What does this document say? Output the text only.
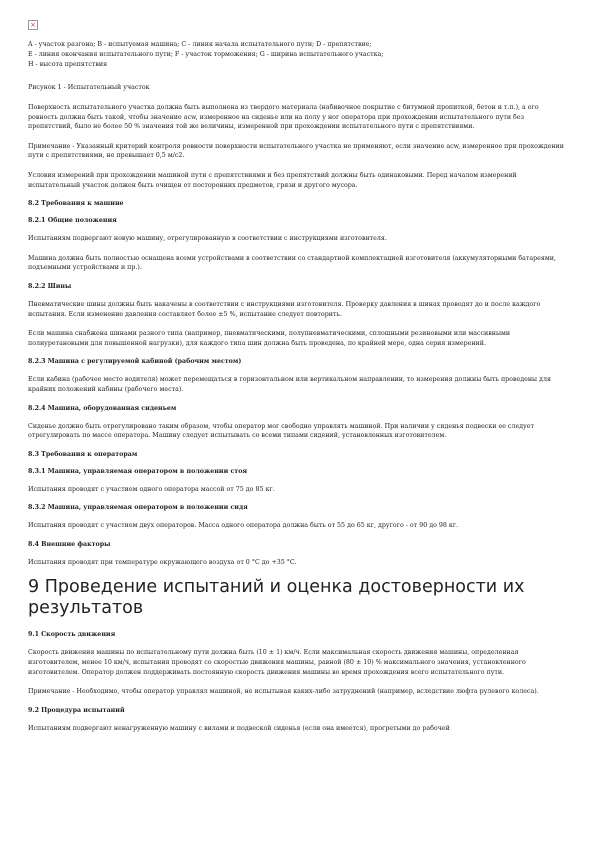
×
A - участок разгона; B - испытуемая машина; C - линия начала испытательного пути; D - препятствие;
E - линия окончания испытательного пути; F - участок торможения; G - ширина испытательного участка;
H - высота препятствия
Рисунок 1 - Испытательный участок

Поверхность испытательного участка должна быть выполнена из твердого материала (набивочное покрытие с битумной пропиткой, бетон и т.п.), а его ровность должна быть такой, чтобы значение aсw, измеренное на сиденье или на полу у ног оператора при прохождении испытательного пути без препятствий, было не более 50 % значения той же величины, измеренной при прохождении испытательного пути с препятствиями.

Примечание - Указанный критерий контроля ровности поверхности испытательного участка не применяют, если значение aсw, измеренное при прохождении пути с препятствиями, не превышает 0,5 м/с2.

Условия измерений при прохождении машиной пути с препятствиями и без препятствий должны быть одинаковыми. Перед началом измерений испытательный участок должен быть очищен от посторонних предметов, грязи и другого мусора.

8.2 Требования к машине
8.2.1 Общие положения

Испытаниям подвергают новую машину, отрегулированную в соответствии с инструкциями изготовителя.

Машина должна быть полностью оснащена всеми устройствами в соответствии со стандартной комплектацией изготовителя (аккумуляторными батареями, подъемными устройствами и пр.).

8.2.2 Шины

Пневматические шины должны быть накачены в соответствии с инструкциями изготовителя. Проверку давления в шинах проводят до и после каждого испытания. Если изменение давления составляет более ±5 %, испытание следует повторить.

Если машина снабжена шинами разного типа (например, пневматическими, полупневматическими, сплошными резиновыми или массивными полиуретановыми для повышенной нагрузки), для каждого типа шин должна быть проведена, по крайней мере, одна серия измерений.

8.2.3 Машина с регулируемой кабиной (рабочим местом)

Если кабина (рабочее место водителя) может перемещаться в горизонтальном или вертикальном направлении, то измерения должны быть проведены для крайних положений кабины (рабочего места).

8.2.4 Машина, оборудованная сиденьем

Сиденье должно быть отрегулировано таким образом, чтобы оператор мог свободно управлять машиной. При наличии у сиденья подвески ее следует отрегулировать по массе оператора. Машину следует испытывать со всеми типами сидений, установленных изготовителем.

8.3 Требования к операторам
8.3.1 Машина, управляемая оператором в положении стоя

Испытания проводят с участием одного оператора массой от 75 до 85 кг.

8.3.2 Машина, управляемая оператором в положении сидя

Испытания проводят с участием двух операторов. Масса одного оператора должна быть от 55 до 65 кг, другого - от 90 до 98 кг.

8.4 Внешние факторы

Испытания проводят при температуре окружающего воздуха от 0 °C до +35 °C.

9 Проведение испытаний и оценка достоверности их результатов
9.1 Скорость движения

Скорость движения машины по испытательному пути должна быть (10 ± 1) км/ч. Если максимальная скорость движения машины, определенная изготовителем, менее 10 км/ч, испытания проводят со скоростью движения машины, равной (80 ± 10) % максимального значения, установленного изготовителем. Оператор должен поддерживать постоянную скорость движения машины во время прохождения всего испытательного пути.

Примечание - Необходимо, чтобы оператор управлял машиной, не испытывая каких-либо затруднений (например, вследствие люфта рулевого колеса).

9.2 Процедура испытаний

Испытаниям подвергают ненагруженную машину с вилами и подвеской сиденья (если она имеется), прогретыми до рабочей
